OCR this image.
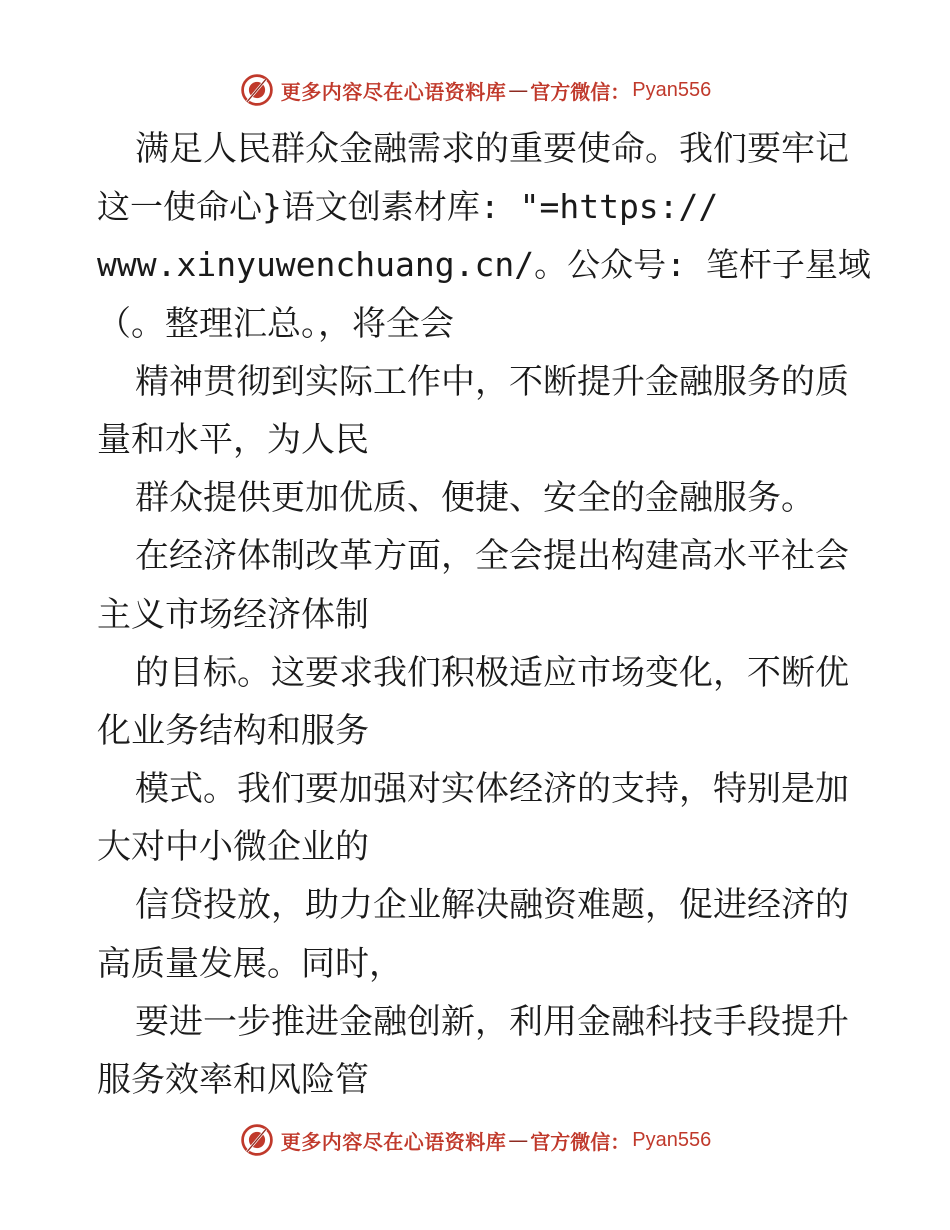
更多内容尽在心语资料库 — 官方微信： Pyan556
满足人民群众金融需求的重要使命。我们要牢记
这一使命心}语文创素材库: "=https://
www.xinyuwenchuang.cn/。公众号: 笔杆子星域
（。整理汇总。，将全会
精神贯彻到实际工作中，不断提升金融服务的质
量和水平，为人民
群众提供更加优质、便捷、安全的金融服务。
在经济体制改革方面，全会提出构建高水平社会
主义市场经济体制
的目标。这要求我们积极适应市场变化，不断优
化业务结构和服务
模式。我们要加强对实体经济的支持，特别是加
大对中小微企业的
信贷投放，助力企业解决融资难题，促进经济的
高质量发展。同时，
要进一步推进金融创新，利用金融科技手段提升
服务效率和风险管
更多内容尽在心语资料库 — 官方微信： Pyan556
